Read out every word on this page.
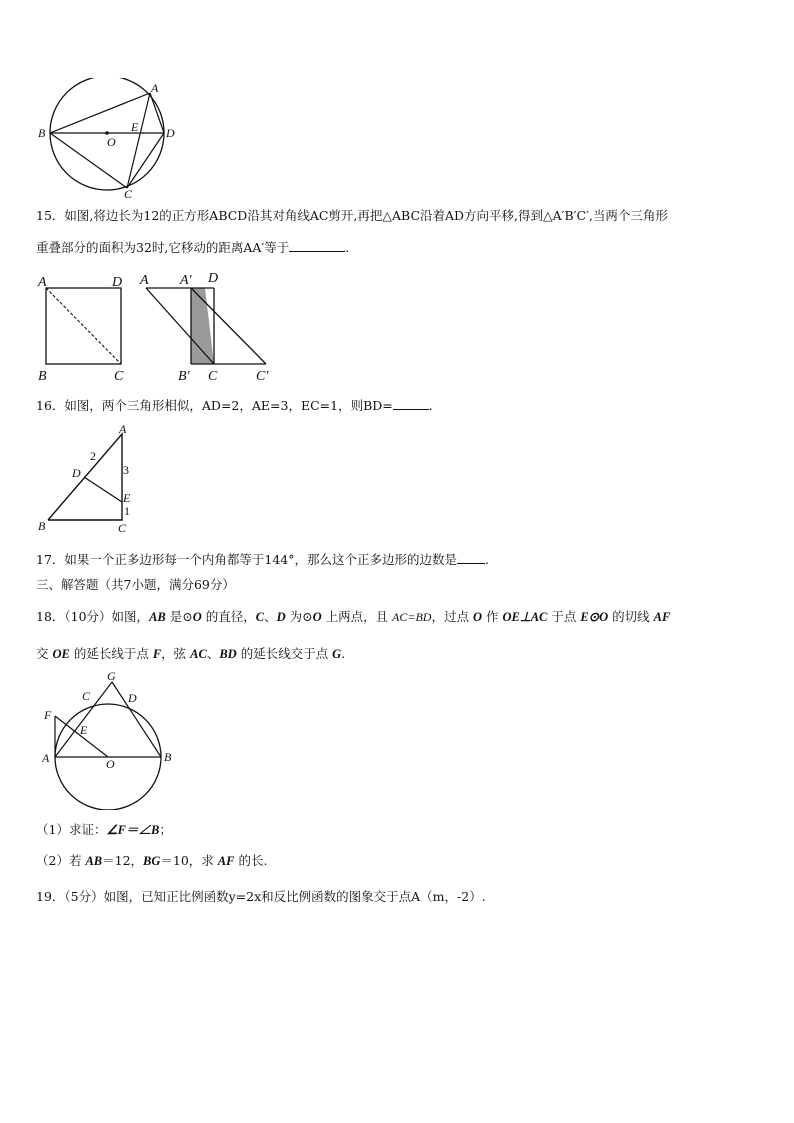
A
B
O
E D
C
15．如图,将边长为12的正方形ABCD沿其对角线AC剪开,再把△ABC沿着AD方向平移,得到△A′B′C′,当两个三角形
重叠部分的面积为32时,它移动的距离AA′等于	.
A	D
B	C
A A′ D
B′ C	C′
16．如图，两个三角形相似，AD=2，AE=3，EC=1，则BD=	.
A
D
2
3
E
1
B	C
17．如果一个正多边形每一个内角都等于144°，那么这个正多边形的边数是 .
三、解答题（共7小题，满分69分）
18．（10分）如图，AB 是⊙O 的直径，C、D 为⊙O 上两点，且 AC=BD，过点 O 作 OE⊥AC 于点 E⊙O 的切线 AF
交 OE 的延长线于点 F，弦 AC、BD 的延长线交于点 G.
G
C	D
F
E
A	O	B
（1）求证：∠F＝∠B；
（2）若 AB＝12，BG＝10，求 AF 的长.
19．（5分）如图，已知正比例函数y=2x和反比例函数的图象交于点A（m，-2）.
